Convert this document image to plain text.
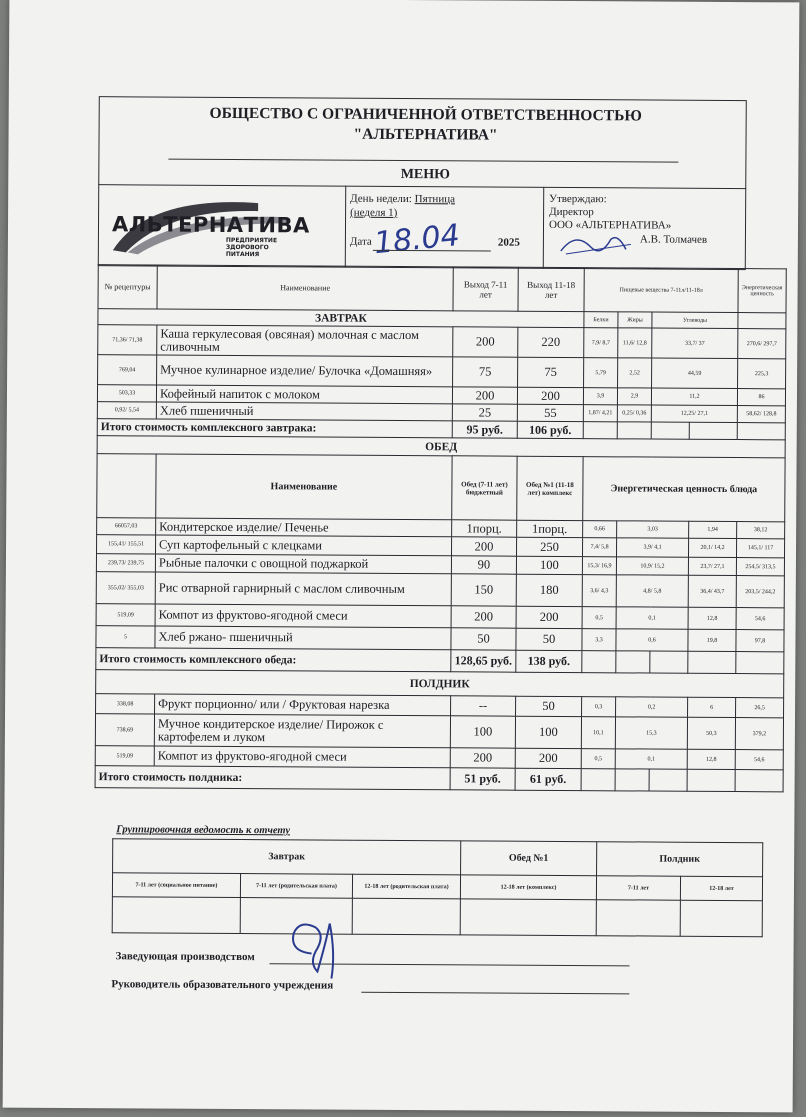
ОБЩЕСТВО С ОГРАНИЧЕННОЙ ОТВЕТСТВЕННОСТЬЮ
"АЛЬТЕРНАТИВА"
МЕНЮ
АЛЬТЕРНАТИВА
ПРЕДПРИЯТИЕ
ЗДОРОВОГО
ПИТАНИЯ
День недели: Пятница
(неделя 1)
Дата 18.04	2025
Утверждаю:
Директор
ООО «АЛЬТЕРНАТИВА»
А.В. Толмачев
№ рецептуры	Наименование	Выход 7-11 лет	Выход 11-18 лет	Пищевые вещества 7-11л/11-18л				Энергетическая ценность
ЗАВТРАК				Белки	Жиры	Углеводы		
71,36/ 71,38	Каша геркулесовая (овсяная) молочная с маслом сливочным	200	220	7,9/ 8,7	11,6/ 12,8	33,7/ 37		270,6/ 297,7
769,04	Мучное кулинарное изделие/ Булочка «Домашняя»	75	75	5,79	2,52	44,59		225,3
503,33	Кофейный напиток с молоком	200	200	3,9	2,9	11,2		86
0,92/ 5,54	Хлеб пшеничный	25	55	1,87/ 4,21	0,25/ 0,36	12,25/ 27,1		58,62/ 128,8
Итого стоимость комплексного завтрака:		95 руб.	106 руб.					
ОБЕД								
	Наименование	Обед (7-11 лет) бюджетный	Обед №1 (11-18 лет) комплекс	Энергетическая ценность блюда				
66057,03	Кондитерское изделие/ Печенье	1порц.	1порц.	0,66	3,03		1,94	38,12
155,41/ 155,51	Суп картофельный с клецками	200	250	7,4/ 5,8	3,9/ 4,1		20,1/ 14,2	145,1/ 117
239,73/ 239,75	Рыбные палочки с овощной поджаркой	90	100	15,3/ 16,9	10,9/ 15,2		23,7/ 27,1	254,5/ 313,5
355,02/ 355,03	Рис отварной гарнирный с маслом сливочным	150	180	3,6/ 4,3	4,8/ 5,8		36,4/ 43,7	203,5/ 244,2
519,09	Компот из фруктово-ягодной смеси	200	200	0,5	0,1		12,8	54,6
5	Хлеб ржано- пшеничный	50	50	3,3	0,6		19,8	97,8
Итого стоимость комплексного обеда:		128,65 руб.	138 руб.					
ПОЛДНИК								
338,08	Фрукт порционно/ или / Фруктовая нарезка	--	50	0,3	0,2		6	26,5
738,69	Мучное кондитерское изделие/ Пирожок с картофелем и луком	100	100	10,1	15,3		50,3	379,2
519,09	Компот из фруктово-ягодной смеси	200	200	0,5	0,1		12,8	54,6
Итого стоимость полдника:		51 руб.	61 руб.					
Группировочная ведомость к отчету
Завтрак			Обед №1	Полдник	
7-11 лет (социальное питание)	7-11 лет (родительская плата)	12-18 лет (родительская плата)	12-18 лет (комплекс)	7-11 лет	12-18 лет

Заведующая производством
Руководитель образовательного учреждения
